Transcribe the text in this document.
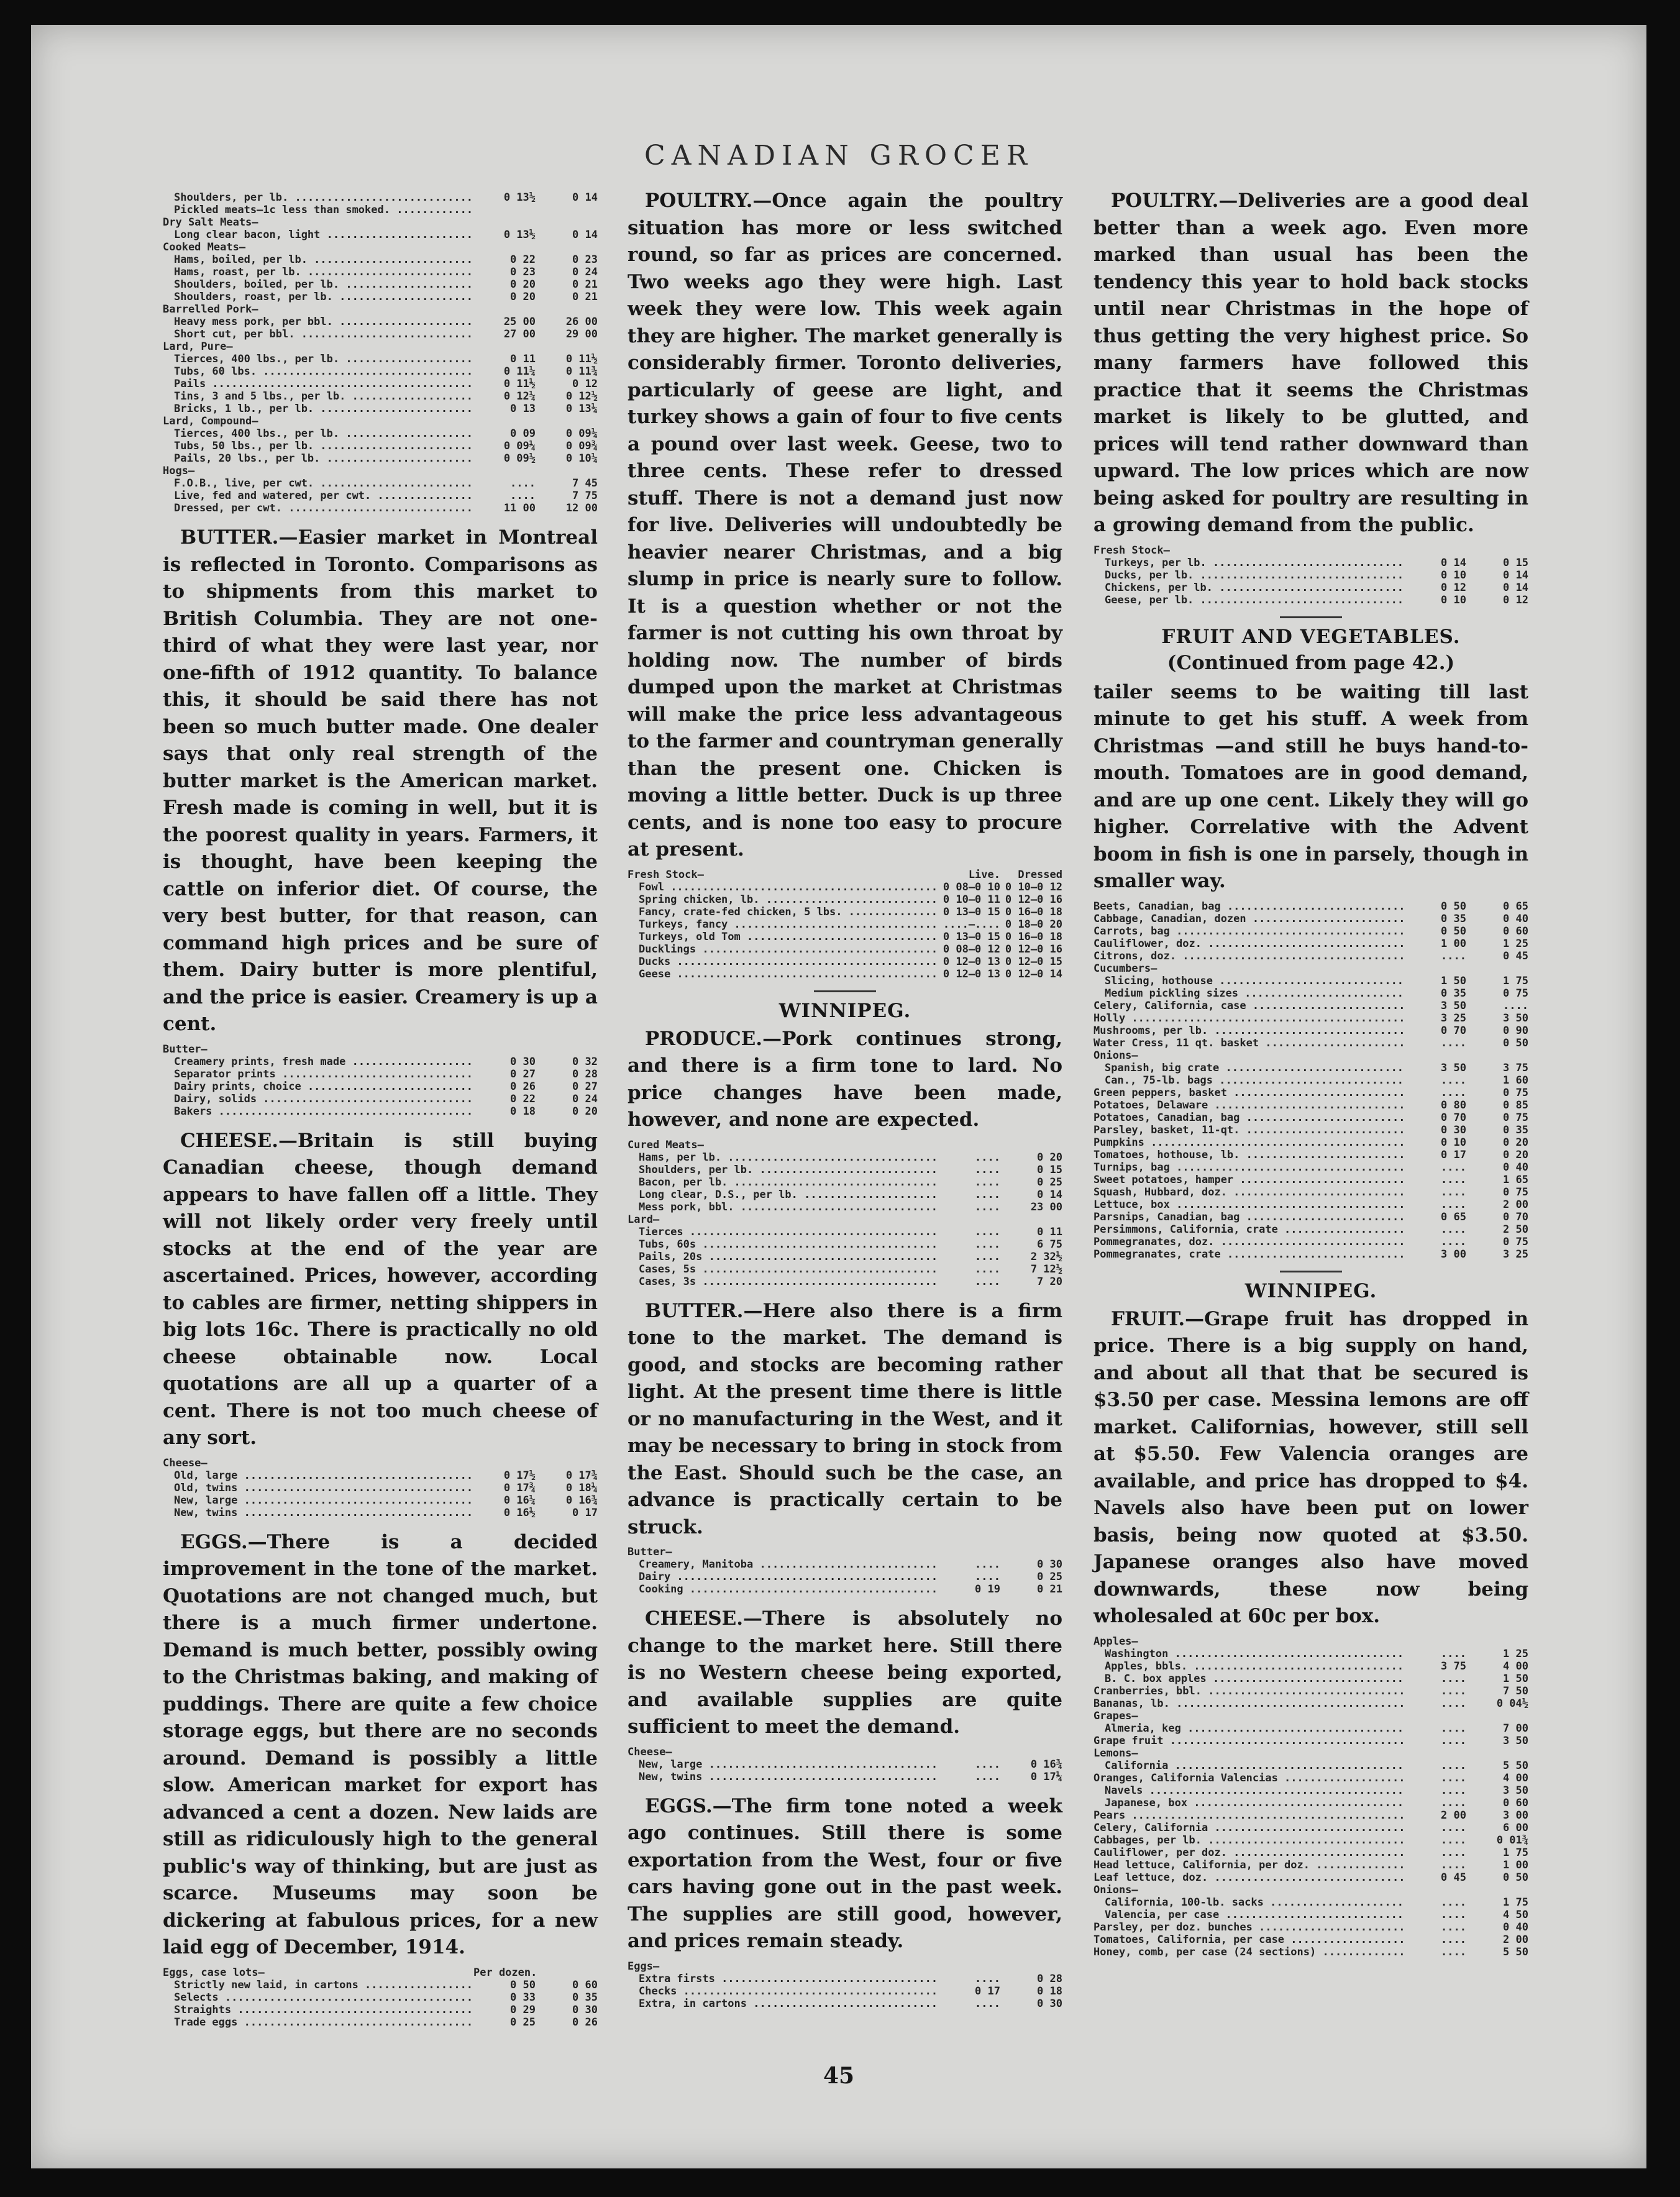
CANADIAN GROCER
Shoulders, per lb. .....	0 13½	0 14
Pickled meats—1c less than smoked. .....
Dry Salt Meats—
Long clear bacon, light .....	0 13½	0 14
Cooked Meats—
Hams, boiled, per lb. .....	0 22	0 23
Hams, roast, per lb. .....	0 23	0 24
Shoulders, boiled, per lb. .....	0 20	0 21
Shoulders, roast, per lb. .....	0 20	0 21
Barrelled Pork—
Heavy mess pork, per bbl. .....	25 00	26 00
Short cut, per bbl. .....	27 00	29 00
Lard, Pure—
Tierces, 400 lbs., per lb. .....	0 11	0 11½
Tubs, 60 lbs. .....	0 11¼	0 11¾
Pails .....	0 11½	0 12
Tins, 3 and 5 lbs., per lb. .....	0 12¼	0 12½
Bricks, 1 lb., per lb. .....	0 13	0 13¼
Lard, Compound—
Tierces, 400 lbs., per lb. .....	0 09	0 09¼
Tubs, 50 lbs., per lb. .....	0 09¼	0 09¾
Pails, 20 lbs., per lb. .....	0 09½	0 10¼
Hogs—
F.O.B., live, per cwt. .....	....	7 45
Live, fed and watered, per cwt. .....	....	7 75
Dressed, per cwt. .....	11 00	12 00

BUTTER.—Easier market in Montreal is reflected in Toronto. Comparisons as to shipments from this market to British Columbia. They are not one-third of what they were last year, nor one-fifth of 1912 quantity. To balance this, it should be said there has not been so much butter made. One dealer says that only real strength of the butter market is the American market. Fresh made is coming in well, but it is the poorest quality in years. Farmers, it is thought, have been keeping the cattle on inferior diet. Of course, the very best butter, for that reason, can command high prices and be sure of them. Dairy butter is more plentiful, and the price is easier. Creamery is up a cent.

Butter—
Creamery prints, fresh made .....	0 30	0 32
Separator prints .....	0 27	0 28
Dairy prints, choice .....	0 26	0 27
Dairy, solids .....	0 22	0 24
Bakers .....	0 18	0 20

CHEESE.—Britain is still buying Canadian cheese, though demand appears to have fallen off a little. They will not likely order very freely until stocks at the end of the year are ascertained. Prices, however, according to cables are firmer, netting shippers in big lots 16c. There is practically no old cheese obtainable now. Local quotations are all up a quarter of a cent. There is not too much cheese of any sort.

Cheese—
Old, large .....	0 17½	0 17¾
Old, twins .....	0 17¾	0 18¼
New, large .....	0 16¼	0 16¾
New, twins .....	0 16½	0 17

EGGS.—There is a decided improvement in the tone of the market. Quotations are not changed much, but there is a much firmer undertone. Demand is much better, possibly owing to the Christmas baking, and making of puddings. There are quite a few choice storage eggs, but there are no seconds around. Demand is possibly a little slow. American market for export has advanced a cent a dozen. New laids are still as ridiculously high to the general public's way of thinking, but are just as scarce. Museums may soon be dickering at fabulous prices, for a new laid egg of December, 1914.

Eggs, case lots—	Per dozen.
Strictly new laid, in cartons .....	0 50	0 60
Selects .....	0 33	0 35
Straights .....	0 29	0 30
Trade eggs .....	0 25	0 26

POULTRY.—Once again the poultry situation has more or less switched round, so far as prices are concerned. Two weeks ago they were high. Last week they were low. This week again they are higher. The market generally is considerably firmer. Toronto deliveries, particularly of geese are light, and turkey shows a gain of four to five cents a pound over last week. Geese, two to three cents. These refer to dressed stuff. There is not a demand just now for live. Deliveries will undoubtedly be heavier nearer Christmas, and a big slump in price is nearly sure to follow. It is a question whether or not the farmer is not cutting his own throat by holding now. The number of birds dumped upon the market at Christmas will make the price less advantageous to the farmer and countryman generally than the present one. Chicken is moving a little better. Duck is up three cents, and is none too easy to procure at present.

Fresh Stock—	Live.	Dressed
Fowl .....	0 08—0 10 0 10—0 12
Spring chicken, lb. .....	0 10—0 11 0 12—0 16
Fancy, crate-fed chicken, 5 lbs. .....	0 13—0 15 0 16—0 18
Turkeys, fancy .....	....—.... 0 18—0 20
Turkeys, old Tom .....	0 13—0 15 0 16—0 18
Ducklings .....	0 08—0 12 0 12—0 16
Ducks .....	0 12—0 13 0 12—0 15
Geese .....	0 12—0 13 0 12—0 14
WINNIPEG.

PRODUCE.—Pork continues strong, and there is a firm tone to lard. No price changes have been made, however, and none are expected.

Cured Meats—
Hams, per lb. .....	....	0 20
Shoulders, per lb. .....	....	0 15
Bacon, per lb. .....	....	0 25
Long clear, D.S., per lb. .....	....	0 14
Mess pork, bbl. .....	....	23 00
Lard—
Tierces .....	....	0 11
Tubs, 60s .....	....	6 75
Pails, 20s .....	....	2 32½
Cases, 5s .....	....	7 12½
Cases, 3s .....	....	7 20

BUTTER.—Here also there is a firm tone to the market. The demand is good, and stocks are becoming rather light. At the present time there is little or no manufacturing in the West, and it may be necessary to bring in stock from the East. Should such be the case, an advance is practically certain to be struck.

Butter—
Creamery, Manitoba .....	....	0 30
Dairy .....	....	0 25
Cooking .....	0 19	0 21

CHEESE.—There is absolutely no change to the market here. Still there is no Western cheese being exported, and available supplies are quite sufficient to meet the demand.

Cheese—
New, large .....	....	0 16¾
New, twins .....	....	0 17¼

EGGS.—The firm tone noted a week ago continues. Still there is some exportation from the West, four or five cars having gone out in the past week. The supplies are still good, however, and prices remain steady.

Eggs—
Extra firsts .....	....	0 28
Checks .....	0 17	0 18
Extra, in cartons .....	....	0 30

POULTRY.—Deliveries are a good deal better than a week ago. Even more marked than usual has been the tendency this year to hold back stocks until near Christmas in the hope of thus getting the very highest price. So many farmers have followed this practice that it seems the Christmas market is likely to be glutted, and prices will tend rather downward than upward. The low prices which are now being asked for poultry are resulting in a growing demand from the public.

Fresh Stock—
Turkeys, per lb. .....	0 14	0 15
Ducks, per lb. .....	0 10	0 14
Chickens, per lb. .....	0 12	0 14
Geese, per lb. .....	0 10	0 12
FRUIT AND VEGETABLES.
(Continued from page 42.)

tailer seems to be waiting till last minute to get his stuff. A week from Christmas —and still he buys hand-to-mouth. Tomatoes are in good demand, and are up one cent. Likely they will go higher. Correlative with the Advent boom in fish is one in parsely, though in smaller way.

Beets, Canadian, bag .....	0 50	0 65
Cabbage, Canadian, dozen .....	0 35	0 40
Carrots, bag .....	0 50	0 60
Cauliflower, doz. .....	1 00	1 25
Citrons, doz. .....	....	0 45
Cucumbers—
Slicing, hothouse .....	1 50	1 75
Medium pickling sizes .....	0 35	0 75
Celery, California, case .....	3 50	....
Holly .....	3 25	3 50
Mushrooms, per lb. .....	0 70	0 90
Water Cress, 11 qt. basket .....	....	0 50
Onions—
Spanish, big crate .....	3 50	3 75
Can., 75-lb. bags .....	....	1 60
Green peppers, basket .....	....	0 75
Potatoes, Delaware .....	0 80	0 85
Potatoes, Canadian, bag .....	0 70	0 75
Parsley, basket, 11-qt. .....	0 30	0 35
Pumpkins .....	0 10	0 20
Tomatoes, hothouse, lb. .....	0 17	0 20
Turnips, bag .....	....	0 40
Sweet potatoes, hamper .....	....	1 65
Squash, Hubbard, doz. .....	....	0 75
Lettuce, box .....	....	2 00
Parsnips, Canadian, bag .....	0 65	0 70
Persimmons, California, crate .....	....	2 50
Pommegranates, doz. .....	....	0 75
Pommegranates, crate .....	3 00	3 25
WINNIPEG.

FRUIT.—Grape fruit has dropped in price. There is a big supply on hand, and about all that that be secured is $3.50 per case. Messina lemons are off market. Californias, however, still sell at $5.50. Few Valencia oranges are available, and price has dropped to $4. Navels also have been put on lower basis, being now quoted at $3.50. Japanese oranges also have moved downwards, these now being wholesaled at 60c per box.

Apples—
Washington .....	....	1 25
Apples, bbls. .....	3 75	4 00
B. C. box apples .....	....	1 50
Cranberries, bbl. .....	....	7 50
Bananas, lb. .....	....	0 04½
Grapes—
Almeria, keg .....	....	7 00
Grape fruit .....	....	3 50
Lemons—
California .....	....	5 50
Oranges, California Valencias .....	....	4 00
Navels .....	....	3 50
Japanese, box .....	....	0 60
Pears .....	2 00	3 00
Celery, California .....	....	6 00
Cabbages, per lb. .....	....	0 01¾
Cauliflower, per doz. .....	....	1 75
Head lettuce, California, per doz. .....	....	1 00
Leaf lettuce, doz. .....	0 45	0 50
Onions—
California, 100-lb. sacks .....	....	1 75
Valencia, per case .....	....	4 50
Parsley, per doz. bunches .....	....	0 40
Tomatoes, California, per case .....	....	2 00
Honey, comb, per case (24 sections) .....	....	5 50
45
